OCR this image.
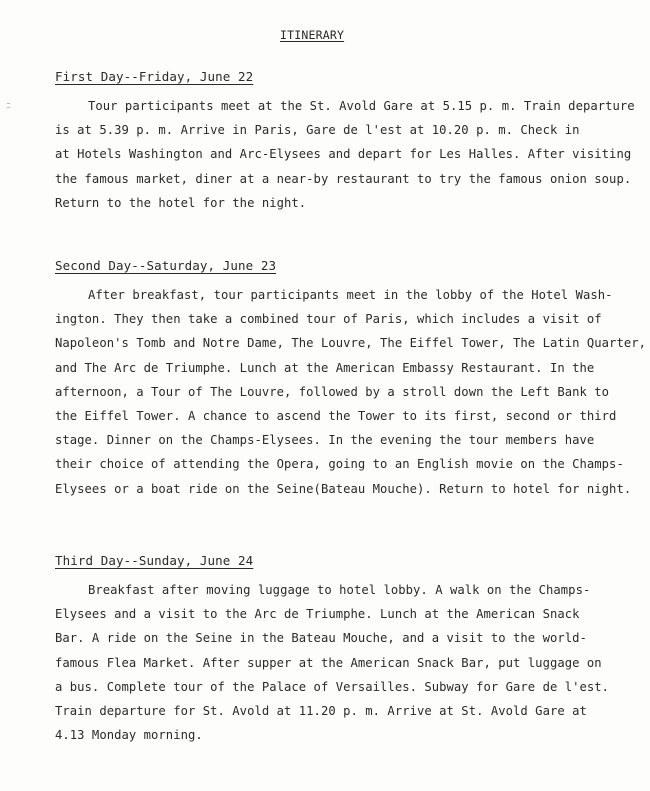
ITINERARY
First Day--Friday, June 22
Tour participants meet at the St. Avold Gare at 5.15 p. m. Train departure
is at 5.39 p. m. Arrive in Paris, Gare de l'est at 10.20 p. m. Check in
at Hotels Washington and Arc-Elysees and depart for Les Halles. After visiting
the famous market, diner at a near-by restaurant to try the famous onion soup.
Return to the hotel for the night.
Second Day--Saturday, June 23
After breakfast, tour participants meet in the lobby of the Hotel Wash-
ington. They then take a combined tour of Paris, which includes a visit of
Napoleon's Tomb and Notre Dame, The Louvre, The Eiffel Tower, The Latin Quarter,
and The Arc de Triumphe. Lunch at the American Embassy Restaurant. In the
afternoon, a Tour of The Louvre, followed by a stroll down the Left Bank to
the Eiffel Tower. A chance to ascend the Tower to its first, second or third
stage. Dinner on the Champs-Elysees. In the evening the tour members have
their choice of attending the Opera, going to an English movie on the Champs-
Elysees or a boat ride on the Seine(Bateau Mouche). Return to hotel for night.
Third Day--Sunday, June 24
Breakfast after moving luggage to hotel lobby. A walk on the Champs-
Elysees and a visit to the Arc de Triumphe. Lunch at the American Snack
Bar. A ride on the Seine in the Bateau Mouche, and a visit to the world-
famous Flea Market. After supper at the American Snack Bar, put luggage on
a bus. Complete tour of the Palace of Versailles. Subway for Gare de l'est.
Train departure for St. Avold at 11.20 p. m. Arrive at St. Avold Gare at
4.13 Monday morning.
